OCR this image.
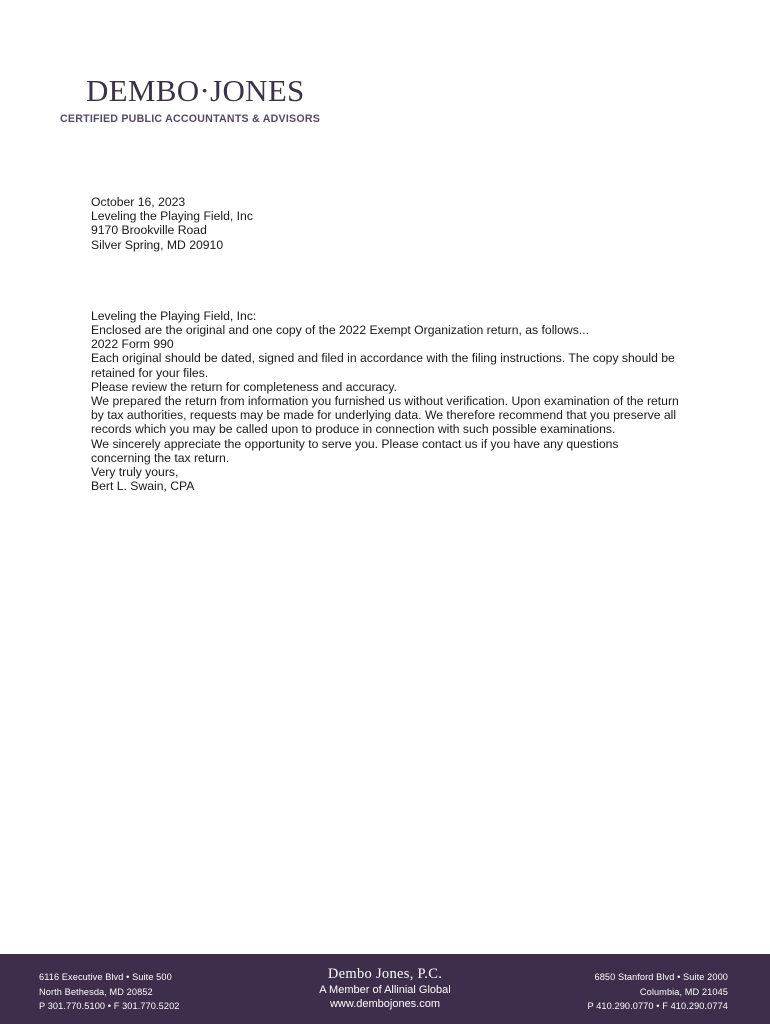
DEMBO·JONES
CERTIFIED PUBLIC ACCOUNTANTS & ADVISORS

October 16, 2023

Leveling the Playing Field, Inc

9170 Brookville Road

Silver Spring, MD 20910

Leveling the Playing Field, Inc:

Enclosed are the original and one copy of the 2022 Exempt Organization return, as follows...

2022 Form 990

Each original should be dated, signed and filed in accordance with the filing instructions. The copy should be retained for your files.

Please review the return for completeness and accuracy.

We prepared the return from information you furnished us without verification. Upon examination of the return by tax authorities, requests may be made for underlying data. We therefore recommend that you preserve all records which you may be called upon to produce in connection with such possible examinations.

We sincerely appreciate the opportunity to serve you. Please contact us if you have any questions concerning the tax return.

Very truly yours,

Bert L. Swain, CPA

6116 Executive Blvd • Suite 500
North Bethesda, MD 20852
P 301.770.5100 • F 301.770.5202
Dembo Jones, P.C.
A Member of Allinial Global
www.dembojones.com
6850 Stanford Blvd • Suite 2000
Columbia, MD 21045
P 410.290.0770 • F 410.290.0774
